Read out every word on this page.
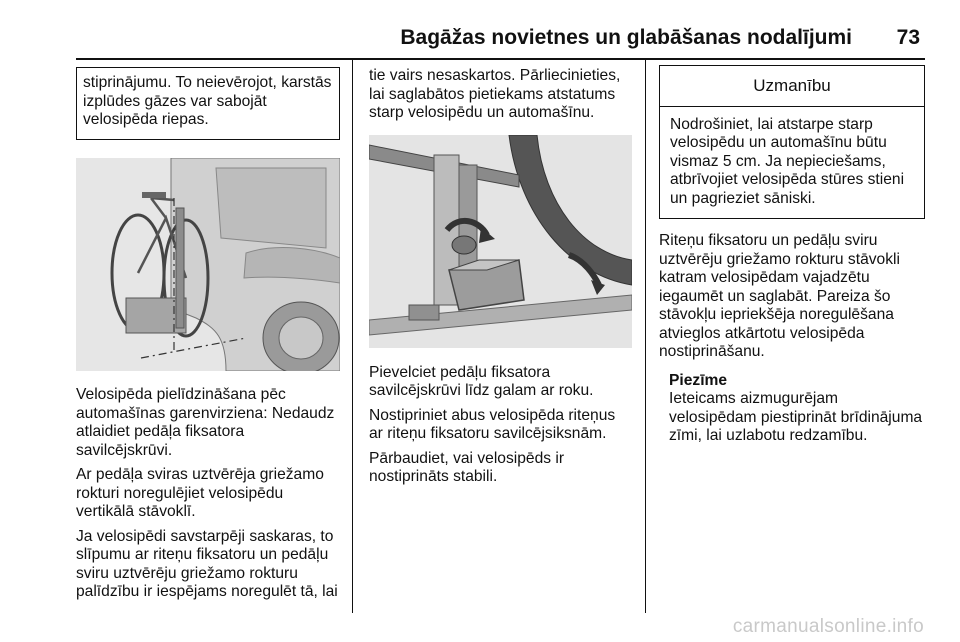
Bagāžas novietnes un glabāšanas nodalījumi 73
stiprinājumu. To neievērojot, karstās izplūdes gāzes var sabojāt velosipēda riepas.

Velosipēda pielīdzināšana pēc automašīnas garenvirziena: Nedaudz atlaidiet pedāļa fiksatora savilcējskrūvi.

Ar pedāļa sviras uztvērēja griežamo rokturi noregulējiet velosipēdu vertikālā stāvoklī.

Ja velosipēdi savstarpēji saskaras, to slīpumu ar riteņu fiksatoru un pedāļu sviru uztvērēju griežamo rokturu palīdzību ir iespējams noregulēt tā, lai

tie vairs nesaskartos. Pārliecinieties, lai saglabātos pietiekams atstatums starp velosipēdu un automašīnu.

Pievelciet pedāļu fiksatora savilcējskrūvi līdz galam ar roku.

Nostipriniet abus velosipēda riteņus ar riteņu fiksatoru savilcējsiksnām.

Pārbaudiet, vai velosipēds ir nostiprināts stabili.

Uzmanību
Nodrošiniet, lai atstarpe starp velosipēdu un automašīnu būtu vismaz 5 cm. Ja nepieciešams, atbrīvojiet velosipēda stūres stieni un pagrieziet sāniski.

Riteņu fiksatoru un pedāļu sviru uztvērēju griežamo rokturu stāvokli katram velosipēdam vajadzētu iegaumēt un saglabāt. Pareiza šo stāvokļu iepriekšēja noregulēšana atvieglos atkārtotu velosipēda nostiprināšanu.

Piezīme
Ieteicams aizmugurējam velosipēdam piestiprināt brīdinājuma zīmi, lai uzlabotu redzamību.
carmanualsonline.info
